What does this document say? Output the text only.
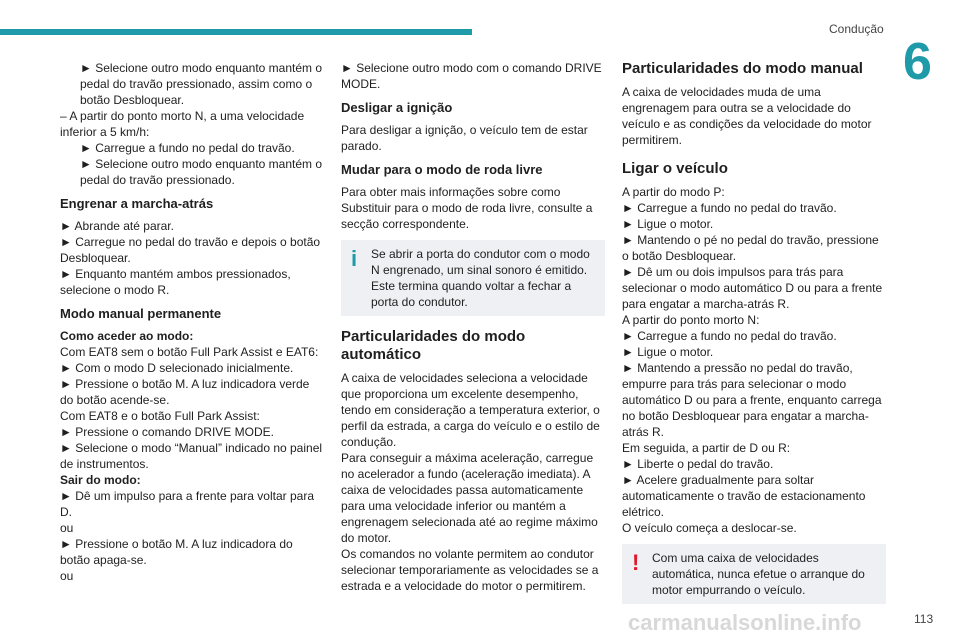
Condução
6

► Selecione outro modo enquanto mantém o pedal do travão pressionado, assim como o botão Desbloquear.

– A partir do ponto morto N, a uma velocidade inferior a 5 km/h:

► Carregue a fundo no pedal do travão.

► Selecione outro modo enquanto mantém o pedal do travão pressionado.

Engrenar a marcha-atrás

► Abrande até parar.

► Carregue no pedal do travão e depois o botão Desbloquear.

► Enquanto mantém ambos pressionados, selecione o modo R.

Modo manual permanente

Como aceder ao modo:

Com EAT8 sem o botão Full Park Assist e EAT6:

► Com o modo D selecionado inicialmente.

► Pressione o botão M. A luz indicadora verde do botão acende-se.

Com EAT8 e o botão Full Park Assist:

► Pressione o comando DRIVE MODE.

► Selecione o modo “Manual” indicado no painel de instrumentos.

Sair do modo:

► Dê um impulso para a frente para voltar para D.

ou

► Pressione o botão M. A luz indicadora do botão apaga-se.

ou

► Selecione outro modo com o comando DRIVE MODE.

Desligar a ignição

Para desligar a ignição, o veículo tem de estar parado.

Mudar para o modo de roda livre

Para obter mais informações sobre como Substituir para o modo de roda livre, consulte a secção correspondente.

i	Se abrir a porta do condutor com o modo N engrenado, um sinal sonoro é emitido. Este termina quando voltar a fechar a porta do condutor.

Particularidades do modo automático

A caixa de velocidades seleciona a velocidade que proporciona um excelente desempenho, tendo em consideração a temperatura exterior, o perfil da estrada, a carga do veículo e o estilo de condução.

Para conseguir a máxima aceleração, carregue no acelerador a fundo (aceleração imediata). A caixa de velocidades passa automaticamente para uma velocidade inferior ou mantém a engrenagem selecionada até ao regime máximo do motor.

Os comandos no volante permitem ao condutor selecionar temporariamente as velocidades se a estrada e a velocidade do motor o permitirem.

Particularidades do modo manual

A caixa de velocidades muda de uma engrenagem para outra se a velocidade do veículo e as condições da velocidade do motor permitirem.

Ligar o veículo

A partir do modo P:

► Carregue a fundo no pedal do travão.

► Ligue o motor.

► Mantendo o pé no pedal do travão, pressione o botão Desbloquear.

► Dê um ou dois impulsos para trás para selecionar o modo automático D ou para a frente para engatar a marcha-atrás R.

A partir do ponto morto N:

► Carregue a fundo no pedal do travão.

► Ligue o motor.

► Mantendo a pressão no pedal do travão, empurre para trás para selecionar o modo automático D ou para a frente, enquanto carrega no botão Desbloquear para engatar a marcha-atrás R.

Em seguida, a partir de D ou R:

► Liberte o pedal do travão.

► Acelere gradualmente para soltar automaticamente o travão de estacionamento elétrico.

O veículo começa a deslocar-se.

!	Com uma caixa de velocidades automática, nunca efetue o arranque do motor empurrando o veículo.

carmanualsonline.info	113
